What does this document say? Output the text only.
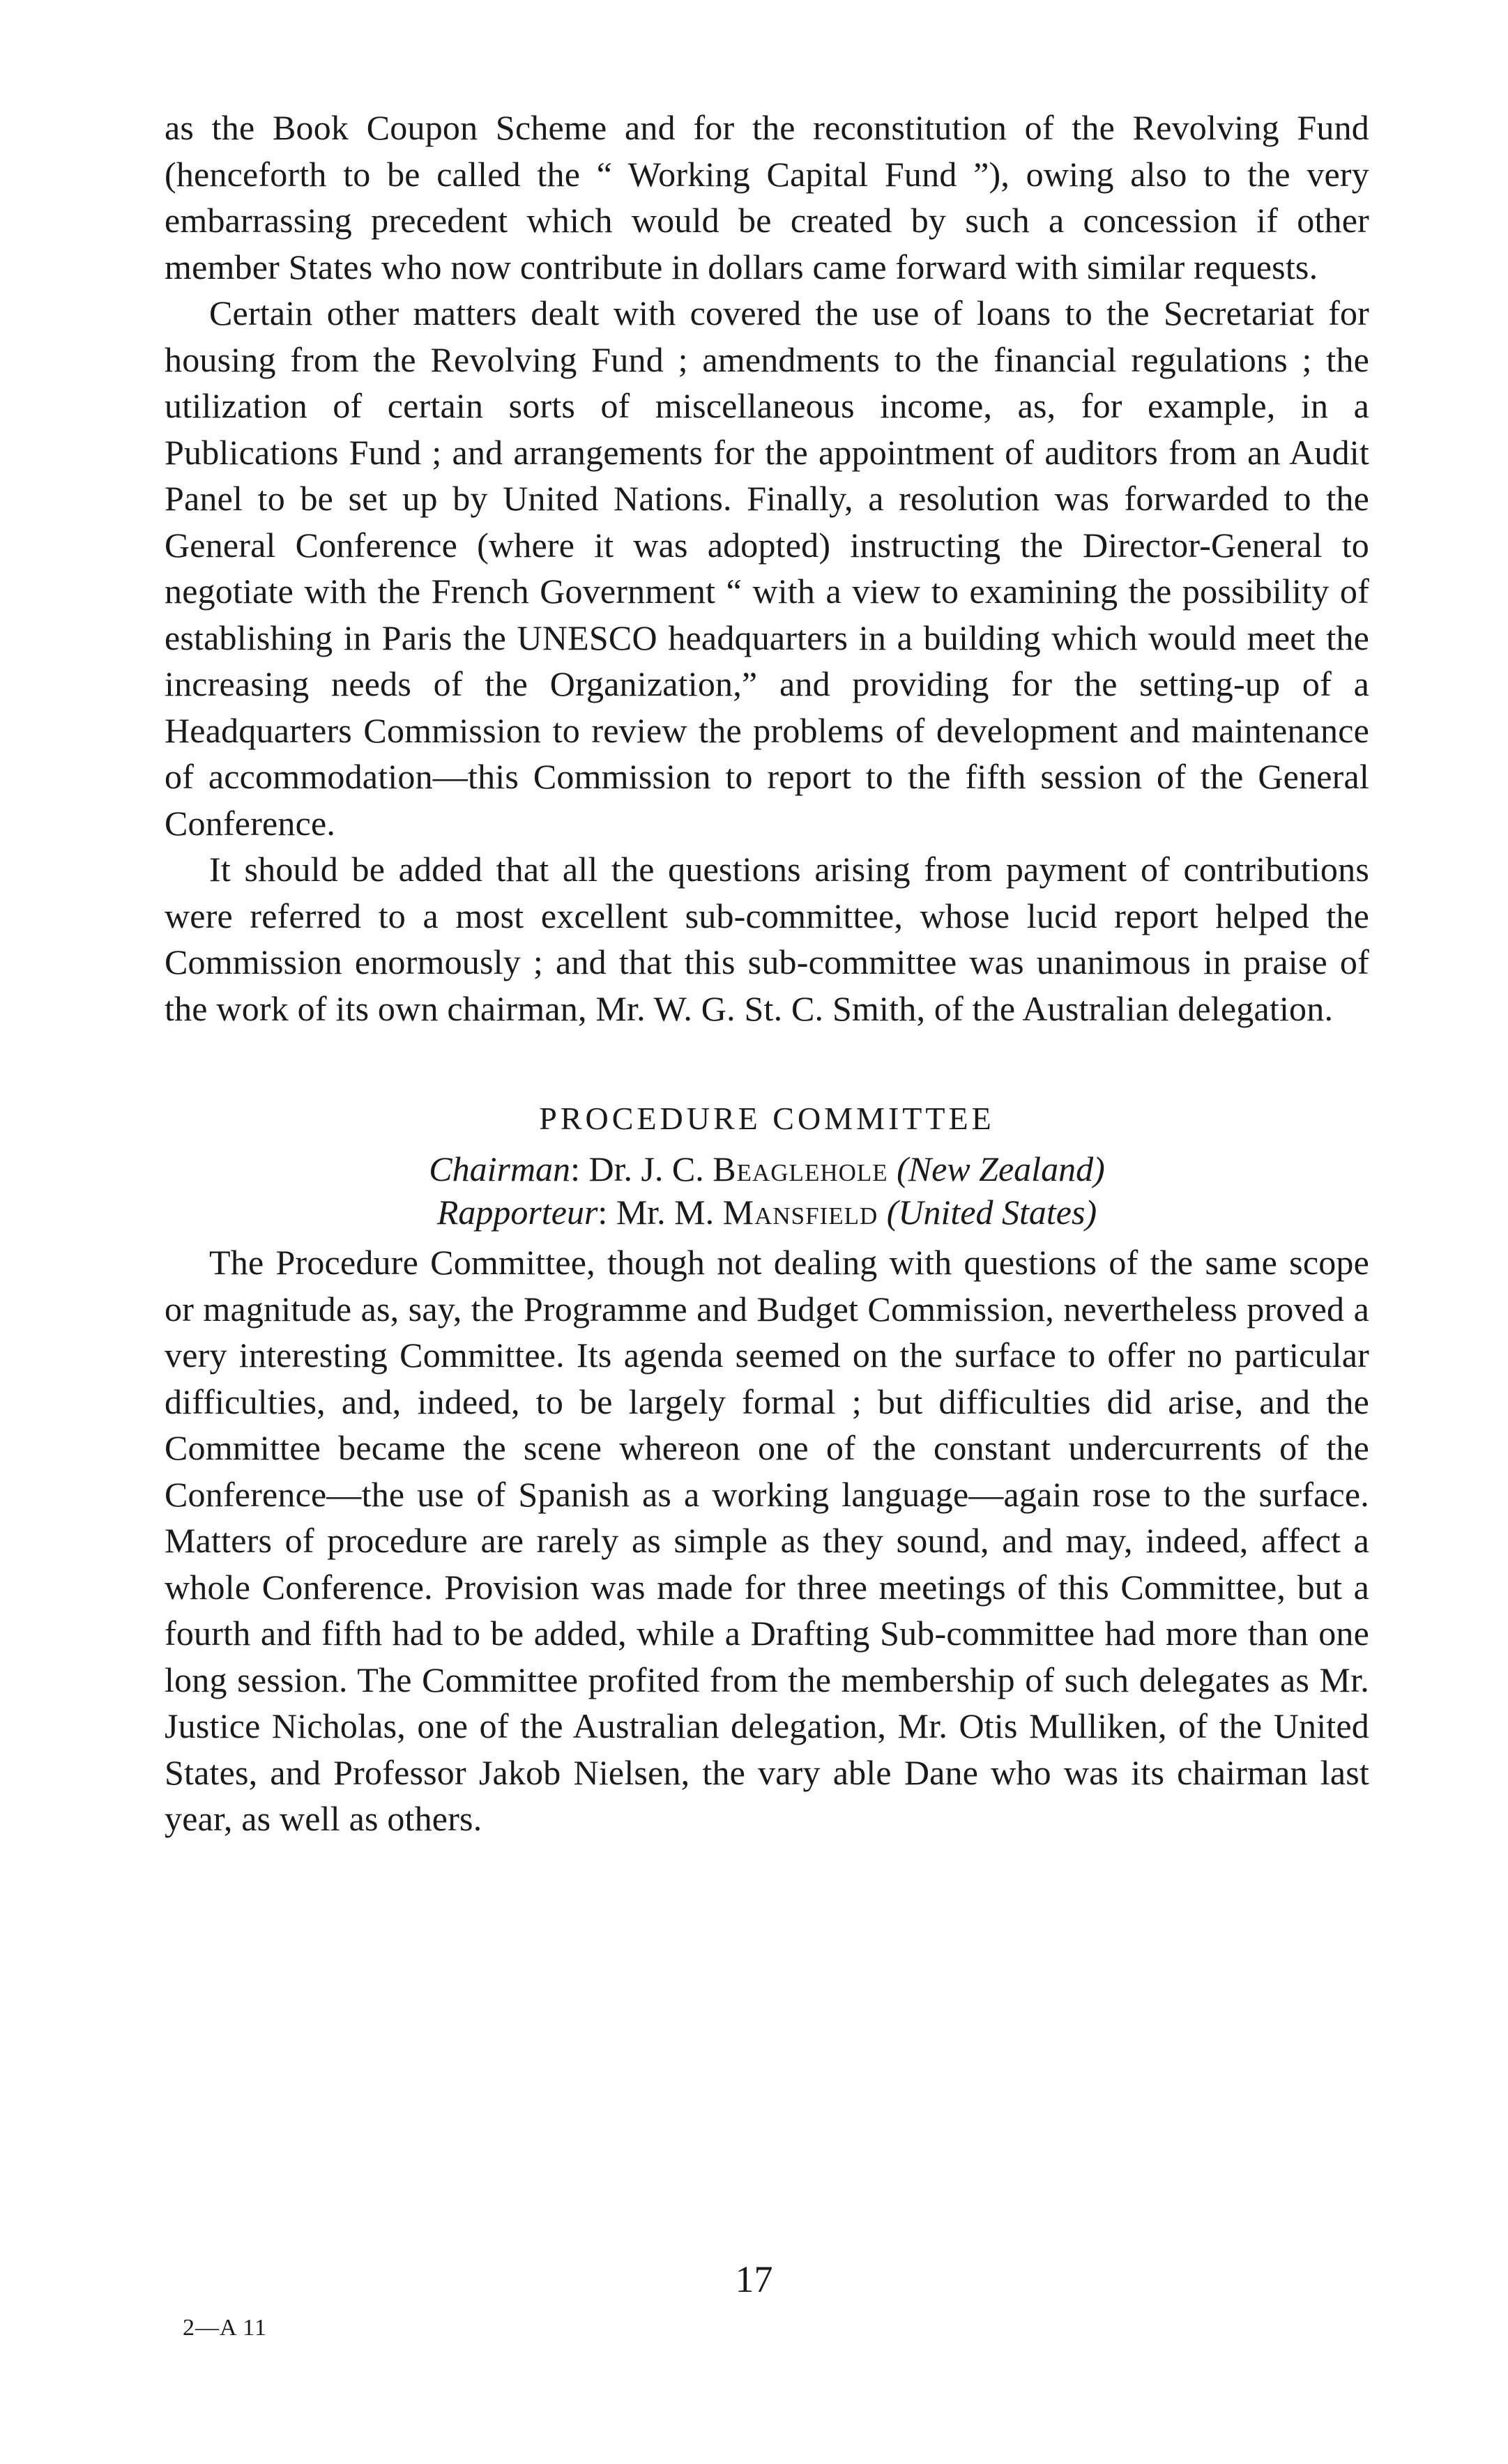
as the Book Coupon Scheme and for the reconstitution of the Revolving Fund (henceforth to be called the “ Working Capital Fund ”), owing also to the very embarrassing precedent which would be created by such a concession if other member States who now contribute in dollars came forward with similar requests.

Certain other matters dealt with covered the use of loans to the Secretariat for housing from the Revolving Fund ; amendments to the financial regulations ; the utilization of certain sorts of miscellaneous income, as, for example, in a Publications Fund ; and arrangements for the appointment of auditors from an Audit Panel to be set up by United Nations. Finally, a resolution was forwarded to the General Conference (where it was adopted) instructing the Director-General to negotiate with the French Government “ with a view to examining the possibility of establishing in Paris the UNESCO headquarters in a building which would meet the increasing needs of the Organization,” and providing for the setting-up of a Headquarters Commission to review the problems of development and maintenance of accommodation—this Commission to report to the fifth session of the General Conference.

It should be added that all the questions arising from payment of contributions were referred to a most excellent sub-committee, whose lucid report helped the Commission enormously ; and that this sub-committee was unanimous in praise of the work of its own chairman, Mr. W. G. St. C. Smith, of the Australian delegation.

PROCEDURE COMMITTEE

Chairman: Dr. J. C. Beaglehole (New Zealand)

Rapporteur: Mr. M. Mansfield (United States)

The Procedure Committee, though not dealing with questions of the same scope or magnitude as, say, the Programme and Budget Commission, nevertheless proved a very interesting Committee. Its agenda seemed on the surface to offer no particular difficulties, and, indeed, to be largely formal ; but difficulties did arise, and the Committee became the scene whereon one of the constant undercurrents of the Conference—the use of Spanish as a working language—again rose to the surface. Matters of procedure are rarely as simple as they sound, and may, indeed, affect a whole Conference. Provision was made for three meetings of this Committee, but a fourth and fifth had to be added, while a Drafting Sub-committee had more than one long session. The Committee profited from the membership of such delegates as Mr. Justice Nicholas, one of the Australian delegation, Mr. Otis Mulliken, of the United States, and Professor Jakob Nielsen, the vary able Dane who was its chairman last year, as well as others.

17
2—A 11
